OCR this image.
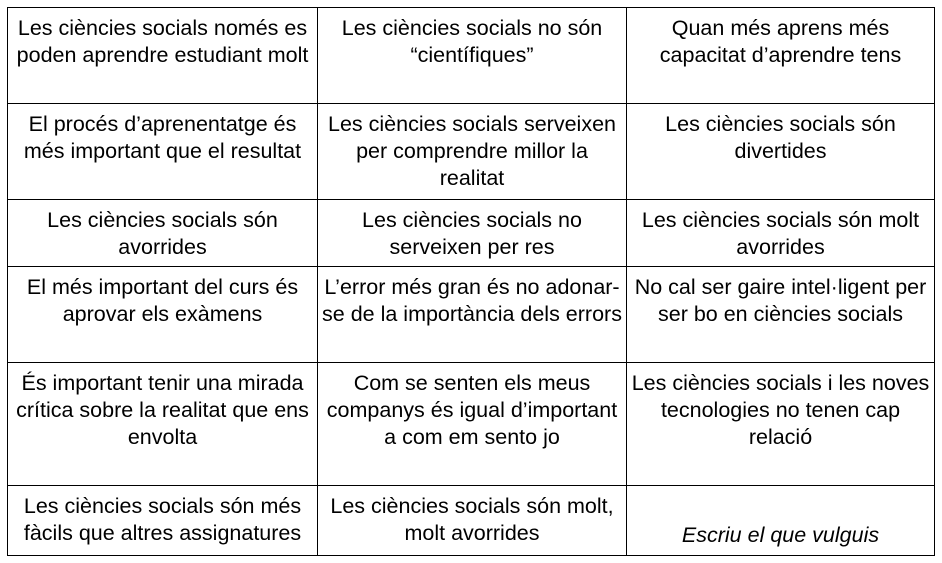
Les ciències socials només es poden aprendre estudiant molt	Les ciències socials no són “científiques”	Quan més aprens més capacitat d’aprendre tens
El procés d’aprenentatge és més important que el resultat	Les ciències socials serveixen per comprendre millor la realitat	Les ciències socials són divertides
Les ciències socials són avorrides	Les ciències socials no serveixen per res	Les ciències socials són molt avorrides
El més important del curs és aprovar els exàmens	L’error més gran és no adonar-se de la importància dels errors	No cal ser gaire intel·ligent per ser bo en ciències socials
És important tenir una mirada crítica sobre la realitat que ens envolta	Com se senten els meus companys és igual d’important a com em sento jo	Les ciències socials i les noves tecnologies no tenen cap relació
Les ciències socials són més fàcils que altres assignatures	Les ciències socials són molt, molt avorrides	Escriu el que vulguis
